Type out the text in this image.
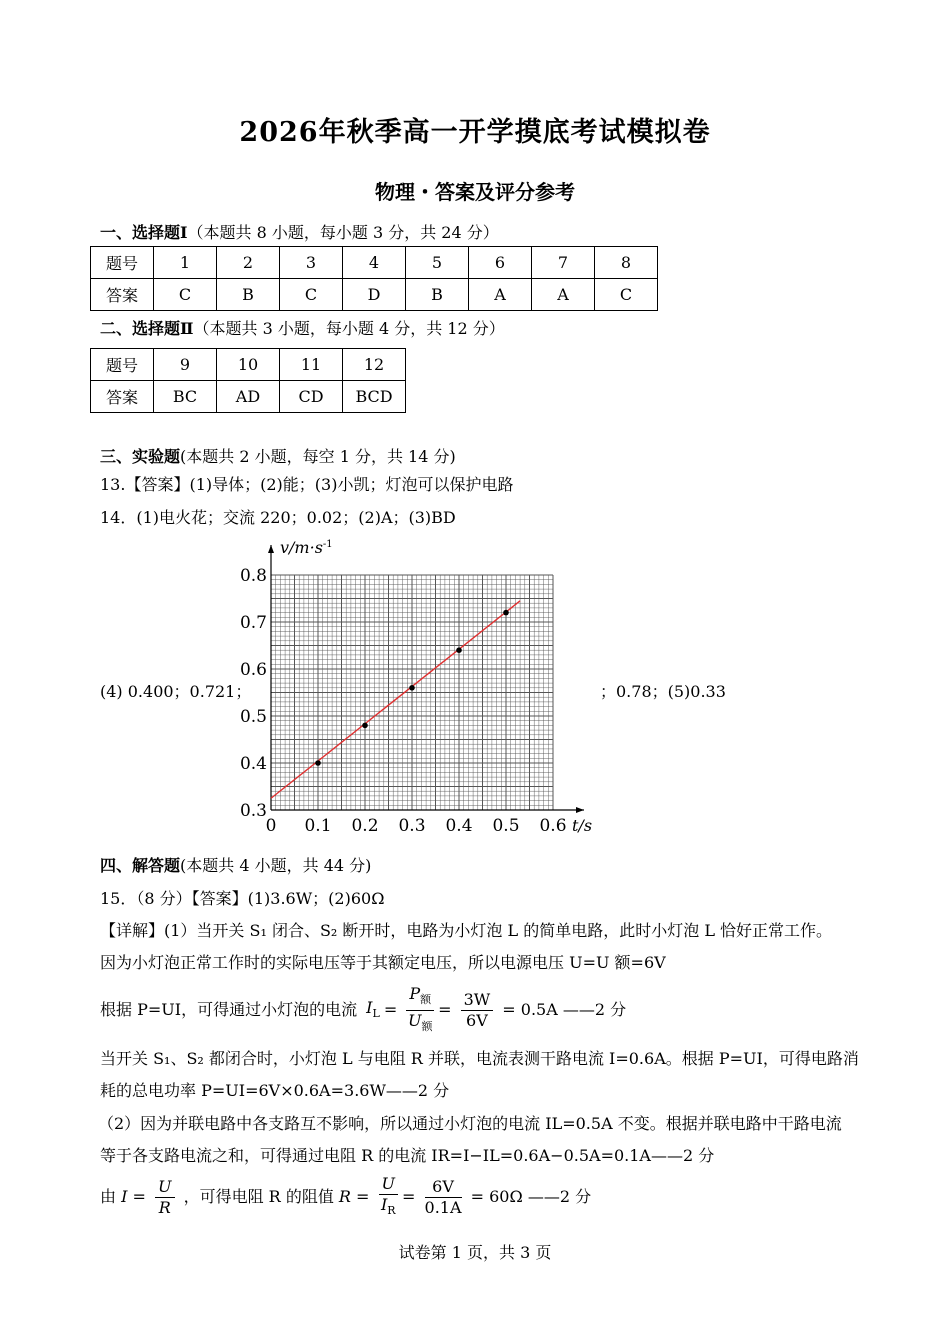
2026年秋季高一开学摸底考试模拟卷
物理・答案及评分参考
一、选择题Ⅰ（本题共 8 小题，每小题 3 分，共 24 分）
题号	1	2	3	4	5	6	7	8
答案	C	B	C	D	B	A	A	C
二、选择题Ⅱ（本题共 3 小题，每小题 4 分，共 12 分）
题号	9	10	11	12
答案	BC	AD	CD	BCD
三、实验题(本题共 2 小题，每空 1 分，共 14 分)
13.【答案】(1)导体；(2)能；(3)小凯；灯泡可以保护电路
14．(1)电火花；交流 220；0.02；(2)A；(3)BD
(4) 0.400；0.721；	；0.78；(5)0.33
0 0.1 0.2 0.3 0.4 0.5 0.6
0.3
0.4
0.5
0.6
0.7
0.8
$v/m\cdot s^{-1}$
t/s
四、解答题(本题共 4 小题，共 44 分)
15．（8 分）【答案】(1)3.6W；(2)60Ω
【详解】(1）当开关 S₁ 闭合、S₂ 断开时，电路为小灯泡 L 的简单电路，此时小灯泡 L 恰好正常工作。
因为小灯泡正常工作时的实际电压等于其额定电压，所以电源电压 U=U 额=6V
根据 P=UI，可得通过小灯泡的电流 $I_L = \frac{P_额}{U_额} = \frac{3W}{6V} = 0.5A$ ——2 分
当开关 S₁、S₂ 都闭合时，小灯泡 L 与电阻 R 并联，电流表测干路电流 I=0.6A。根据 P=UI，可得电路消
耗的总电功率 P=UI=6V×0.6A=3.6W——2 分
（2）因为并联电路中各支路互不影响，所以通过小灯泡的电流 IL=0.5A 不变。根据并联电路中干路电流
等于各支路电流之和，可得通过电阻 R 的电流 IR=I−IL=0.6A−0.5A=0.1A——2 分
由 $I = \frac{U}{R}$ ，可得电阻 R 的阻值 $R = \frac{U}{I_R} = \frac{6V}{0.1A} = 60\Omega$ ——2 分
试卷第 1 页，共 3 页
